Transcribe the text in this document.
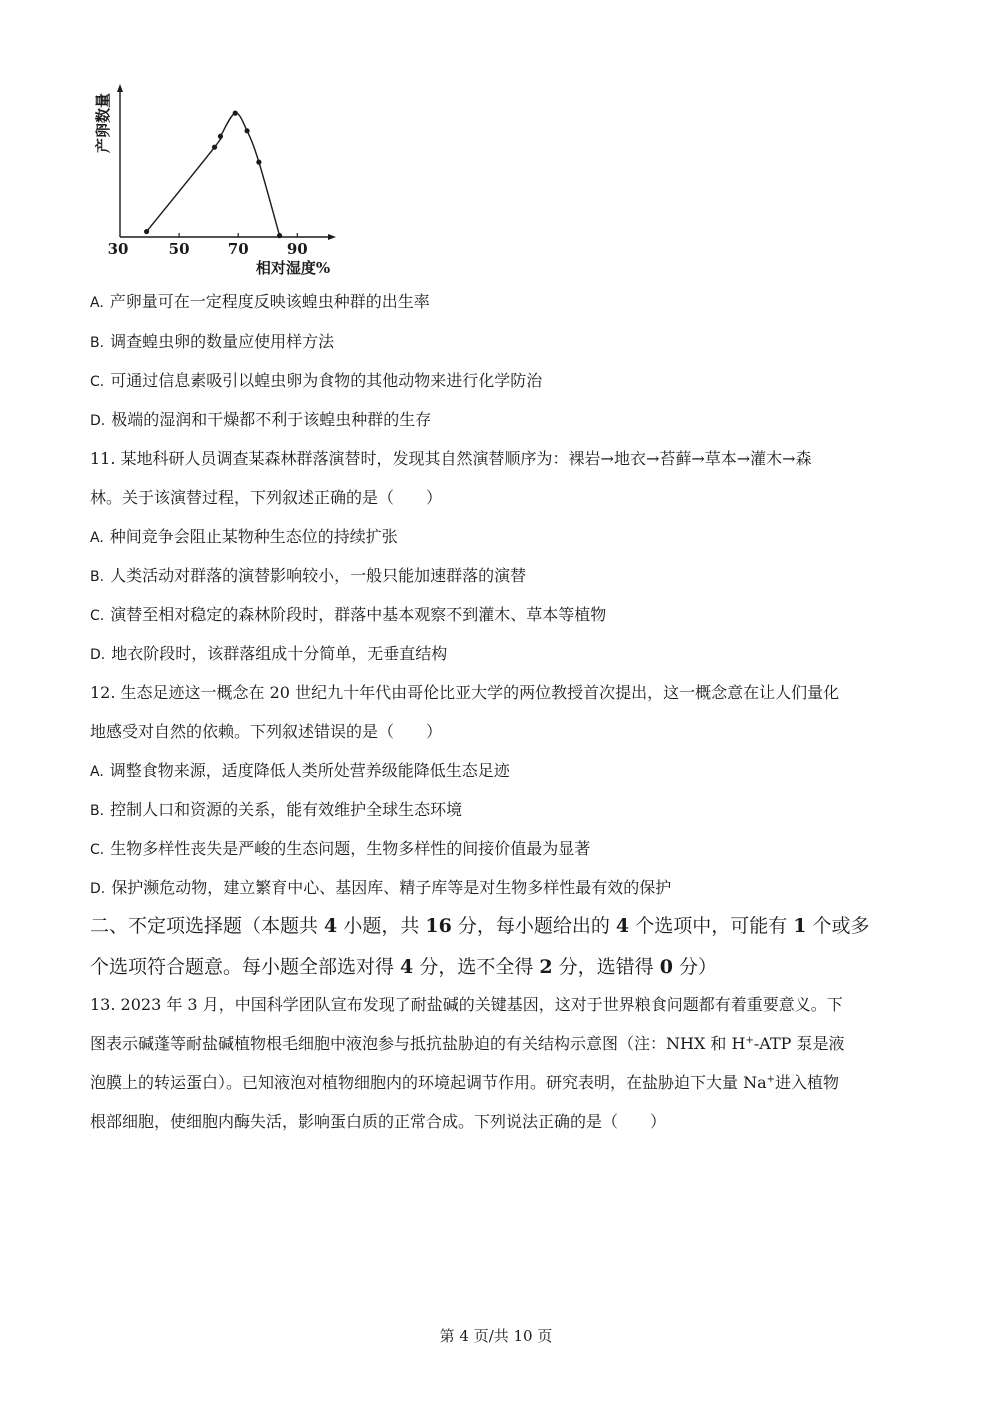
30	50	70	90
产卵数量
相对湿度%
A. 产卵量可在一定程度反映该蝗虫种群的出生率
B. 调查蝗虫卵的数量应使用样方法
C. 可通过信息素吸引以蝗虫卵为食物的其他动物来进行化学防治
D. 极端的湿润和干燥都不利于该蝗虫种群的生存
11. 某地科研人员调查某森林群落演替时，发现其自然演替顺序为：裸岩→地衣→苔藓→草本→灌木→森
林。关于该演替过程，下列叙述正确的是（　　）
A. 种间竞争会阻止某物种生态位的持续扩张
B. 人类活动对群落的演替影响较小，一般只能加速群落的演替
C. 演替至相对稳定的森林阶段时，群落中基本观察不到灌木、草本等植物
D. 地衣阶段时，该群落组成十分简单，无垂直结构
12. 生态足迹这一概念在 20 世纪九十年代由哥伦比亚大学的两位教授首次提出，这一概念意在让人们量化
地感受对自然的依赖。下列叙述错误的是（　　）
A. 调整食物来源，适度降低人类所处营养级能降低生态足迹
B. 控制人口和资源的关系，能有效维护全球生态环境
C. 生物多样性丧失是严峻的生态问题，生物多样性的间接价值最为显著
D. 保护濒危动物，建立繁育中心、基因库、精子库等是对生物多样性最有效的保护
二、不定项选择题（本题共 4 小题，共 16 分，每小题给出的 4 个选项中，可能有 1 个或多
个选项符合题意。每小题全部选对得 4 分，选不全得 2 分，选错得 0 分）
13. 2023 年 3 月，中国科学团队宣布发现了耐盐碱的关键基因，这对于世界粮食问题都有着重要意义。下
图表示碱蓬等耐盐碱植物根毛细胞中液泡参与抵抗盐胁迫的有关结构示意图（注：NHX 和 H+-ATP 泵是液
泡膜上的转运蛋白）。已知液泡对植物细胞内的环境起调节作用。研究表明，在盐胁迫下大量 Na+进入植物
根部细胞，使细胞内酶失活，影响蛋白质的正常合成。下列说法正确的是（　　）
第 4 页/共 10 页
